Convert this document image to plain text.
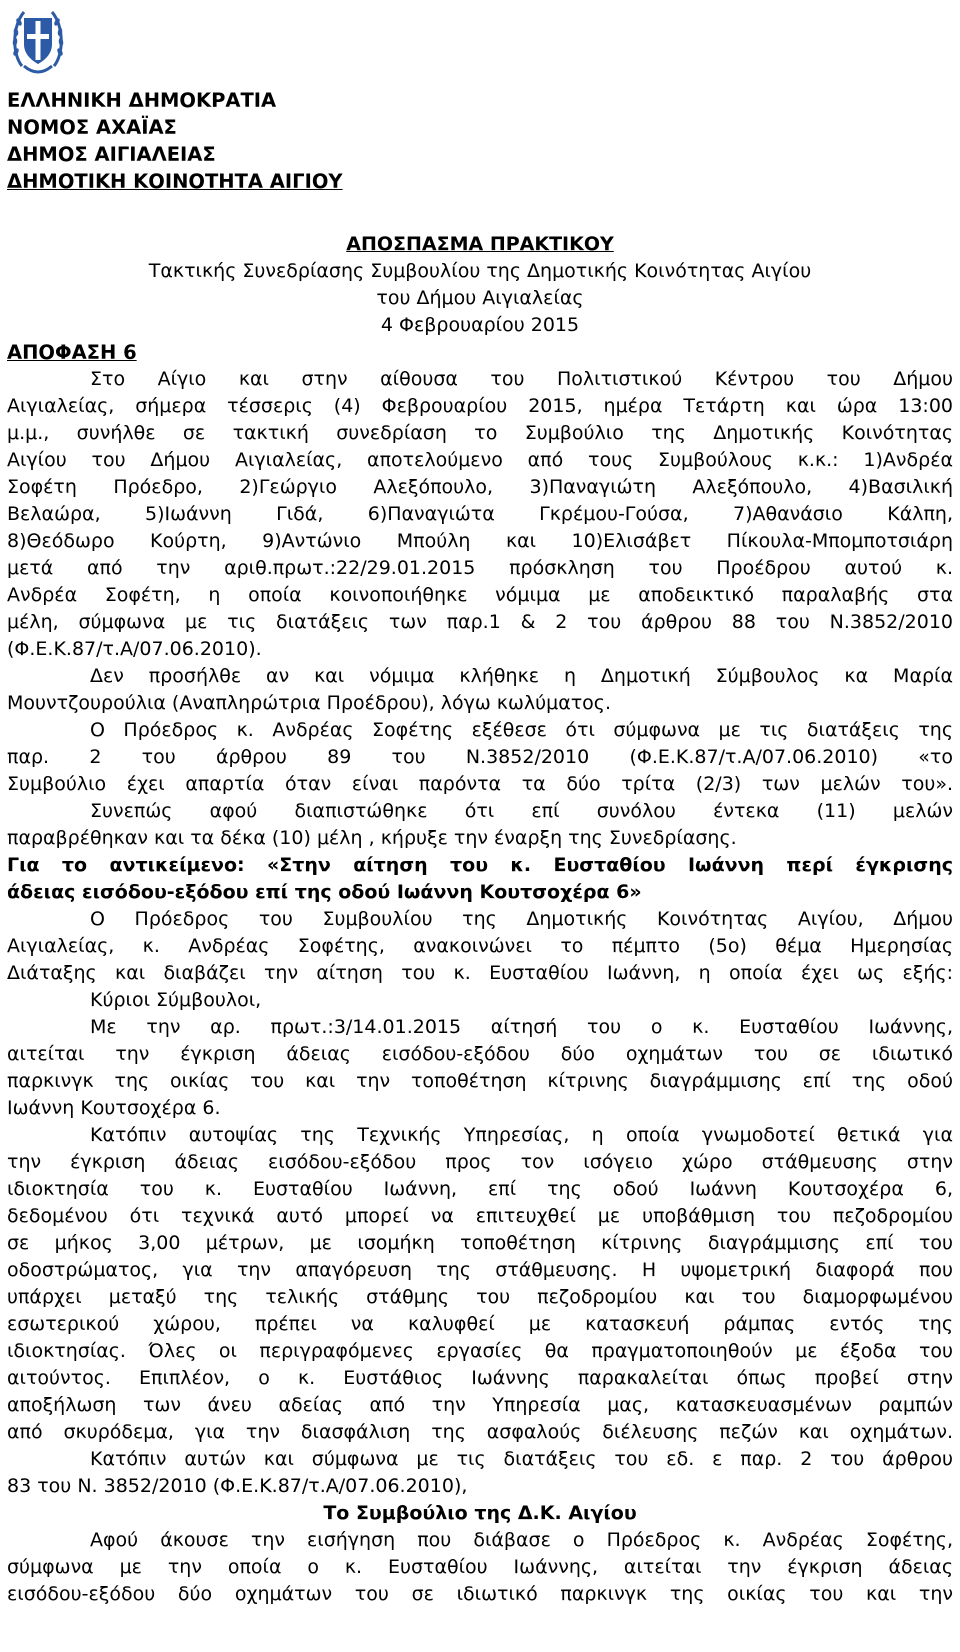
ΕΛΛΗΝΙΚΗ ΔΗΜΟΚΡΑΤΙΑ
ΝΟΜΟΣ ΑΧΑΪΑΣ
ΔΗΜΟΣ ΑΙΓΙΑΛΕΙΑΣ
ΔΗΜΟΤΙΚΗ ΚΟΙΝΟΤΗΤΑ ΑΙΓΙΟΥ
ΑΠΟΣΠΑΣΜΑ ΠΡΑΚΤΙΚΟΥ
Τακτικής Συνεδρίασης Συμβουλίου της Δημοτικής Κοινότητας Αιγίου
του Δήμου Αιγιαλείας
4 Φεβρουαρίου 2015
ΑΠΟΦΑΣΗ 6
Στο Αίγιο και στην αίθουσα του Πολιτιστικού Κέντρου του Δήμου
Αιγιαλείας, σήμερα τέσσερις (4) Φεβρουαρίου 2015, ημέρα Τετάρτη και ώρα 13:00
μ.μ., συνήλθε σε τακτική συνεδρίαση το Συμβούλιο της Δημοτικής Κοινότητας
Αιγίου του Δήμου Αιγιαλείας, αποτελούμενο από τους Συμβούλους κ.κ.: 1)Ανδρέα
Σοφέτη Πρόεδρο, 2)Γεώργιο Αλεξόπουλο, 3)Παναγιώτη Αλεξόπουλο, 4)Βασιλική
Βελαώρα, 5)Ιωάννη Γιδά, 6)Παναγιώτα Γκρέμου-Γούσα, 7)Αθανάσιο Κάλπη,
8)Θεόδωρο Κούρτη, 9)Αντώνιο Μπούλη και 10)Ελισάβετ Πίκουλα-Μπομποτσιάρη
μετά από την αριθ.πρωτ.:22/29.01.2015 πρόσκληση του Προέδρου αυτού κ.
Ανδρέα Σοφέτη, η οποία κοινοποιήθηκε νόμιμα με αποδεικτικό παραλαβής στα
μέλη, σύμφωνα με τις διατάξεις των παρ.1 & 2 του άρθρου 88 του Ν.3852/2010
(Φ.Ε.Κ.87/τ.Α/07.06.2010).
Δεν προσήλθε αν και νόμιμα κλήθηκε η Δημοτική Σύμβουλος κα Μαρία
Μουντζουρούλια (Αναπληρώτρια Προέδρου), λόγω κωλύματος.
Ο Πρόεδρος κ. Ανδρέας Σοφέτης εξέθεσε ότι σύμφωνα με τις διατάξεις της
παρ. 2 του άρθρου 89 του Ν.3852/2010 (Φ.Ε.Κ.87/τ.Α/07.06.2010) «το
Συμβούλιο έχει απαρτία όταν είναι παρόντα τα δύο τρίτα (2/3) των μελών του».
Συνεπώς αφού διαπιστώθηκε ότι επί συνόλου έντεκα (11) μελών
παραβρέθηκαν και τα δέκα (10) μέλη , κήρυξε την έναρξη της Συνεδρίασης.
Για το αντικείμενο: «Στην αίτηση του κ. Ευσταθίου Ιωάννη περί έγκρισης
άδειας εισόδου-εξόδου επί της οδού Ιωάννη Κουτσοχέρα 6»
Ο Πρόεδρος του Συμβουλίου της Δημοτικής Κοινότητας Αιγίου, Δήμου
Αιγιαλείας, κ. Ανδρέας Σοφέτης, ανακοινώνει το πέμπτο (5ο) θέμα Ημερησίας
Διάταξης και διαβάζει την αίτηση του κ. Ευσταθίου Ιωάννη, η οποία έχει ως εξής:
Κύριοι Σύμβουλοι,
Με την αρ. πρωτ.:3/14.01.2015 αίτησή του ο κ. Ευσταθίου Ιωάννης,
αιτείται την έγκριση άδειας εισόδου-εξόδου δύο οχημάτων του σε ιδιωτικό
παρκινγκ της οικίας του και την τοποθέτηση κίτρινης διαγράμμισης επί της οδού
Ιωάννη Κουτσοχέρα 6.
Κατόπιν αυτοψίας της Τεχνικής Υπηρεσίας, η οποία γνωμοδοτεί θετικά για
την έγκριση άδειας εισόδου-εξόδου προς τον ισόγειο χώρο στάθμευσης στην
ιδιοκτησία του κ. Ευσταθίου Ιωάννη, επί της οδού Ιωάννη Κουτσοχέρα 6,
δεδομένου ότι τεχνικά αυτό μπορεί να επιτευχθεί με υποβάθμιση του πεζοδρομίου
σε μήκος 3,00 μέτρων, με ισομήκη τοποθέτηση κίτρινης διαγράμμισης επί του
οδοστρώματος, για την απαγόρευση της στάθμευσης. Η υψομετρική διαφορά που
υπάρχει μεταξύ της τελικής στάθμης του πεζοδρομίου και του διαμορφωμένου
εσωτερικού χώρου, πρέπει να καλυφθεί με κατασκευή ράμπας εντός της
ιδιοκτησίας. Όλες οι περιγραφόμενες εργασίες θα πραγματοποιηθούν με έξοδα του
αιτούντος. Επιπλέον, ο κ. Ευστάθιος Ιωάννης παρακαλείται όπως προβεί στην
αποξήλωση των άνευ αδείας από την Υπηρεσία μας, κατασκευασμένων ραμπών
από σκυρόδεμα, για την διασφάλιση της ασφαλούς διέλευσης πεζών και οχημάτων.
Κατόπιν αυτών και σύμφωνα με τις διατάξεις του εδ. ε παρ. 2 του άρθρου
83 του Ν. 3852/2010 (Φ.Ε.Κ.87/τ.Α/07.06.2010),
Το Συμβούλιο της Δ.Κ. Αιγίου
Αφού άκουσε την εισήγηση που διάβασε ο Πρόεδρος κ. Ανδρέας Σοφέτης,
σύμφωνα με την οποία ο κ. Ευσταθίου Ιωάννης, αιτείται την έγκριση άδειας
εισόδου-εξόδου δύο οχημάτων του σε ιδιωτικό παρκινγκ της οικίας του και την
